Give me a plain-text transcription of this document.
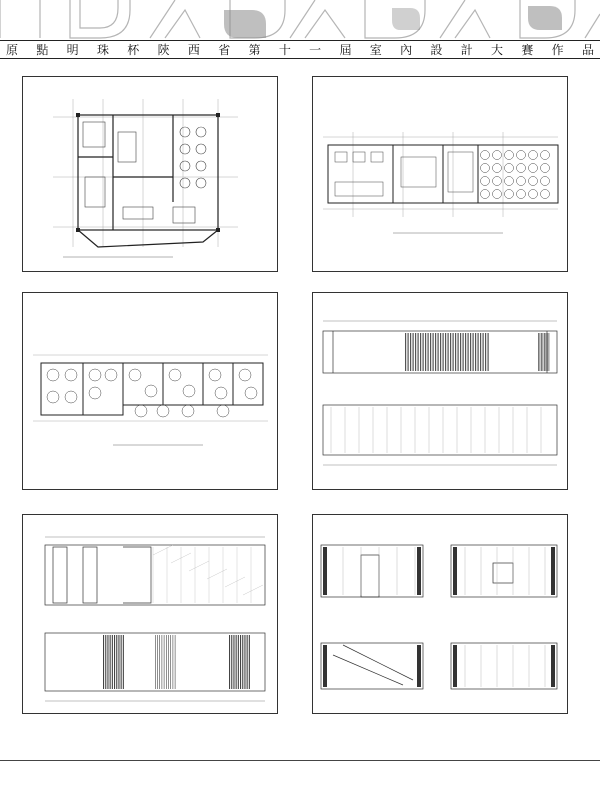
原 點 明 珠 杯 陝 西 省 第 十 一 屆 室 內 設 計 大 賽 作 品
